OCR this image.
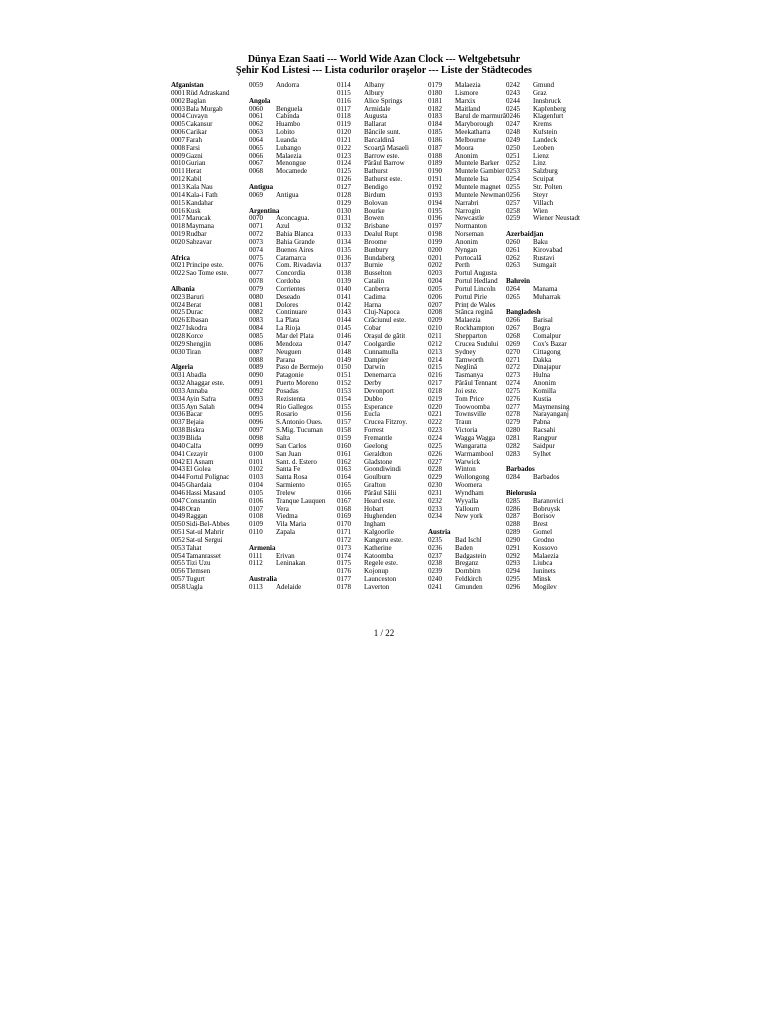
Dünya Ezan Saati --- World Wide Azan Clock --- Weltgebetsuhr
Şehir Kod Listesi --- Lista codurilor oraşelor --- Liste der Städtecodes
Afganistan
0001Rüd Adraskand
0002Baglan
0003Bala Murgab
0004Cuvayn
0005Cakansur
0006Carikar
0007Farah
0008Farsi
0009Gazni
0010Gurian
0011Herat
0012Kabil
0013Kala Nau
0014Kala-i Fath
0015Kandahar
0016Kusk
0017Marucak
0018Maymana
0019Rudbar
0020Sabzavar
Africa
0021Principe este.
0022Sao Tome este.
Albania
0023Baruri
0024Berat
0025Durac
0026Elbasan
0027Iskodra
0028Korce
0029Shengjin
0030Tiran
Algeria
0031Abadla
0032Ahaggar este.
0033Annaba
0034Ayin Safra
0035Ayn Salah
0036Bacar
0037Bejaia
0038Biskra
0039Blida
0040Calfa
0041Cezayir
0042El Asnam
0043El Golea
0044Fortul Polignac
0045Ghardaia
0046Hassi Masaud
0047Constantin
0048Oran
0049Raggan
0050Sidi-Bel-Abbes
0051Sat-ul Mahrir
0052Sat-ul Sergui
0053Tahat
0054Tamanrasset
0055Tizi Uzu
0056Tlemsen
0057Tugurt
0058Uagla
0059 Andorra
Angola
0060 Benguela
0061 Cabinda
0062 Huambo
0063 Lobito
0064 Luanda
0065 Lubango
0066 Malaezia
0067 Menongue
0068 Mocamede
Antigua
0069 Antigua
Argentina
0070 Aconcagua.
0071 Azul
0072 Bahia Blanca
0073 Bahia Grande
0074 Buenos Aires
0075 Catamarca
0076 Com. Rivadavia
0077 Concordia
0078 Cordoba
0079 Corrientes
0080 Deseado
0081 Dolores
0082 Continuare
0083 La Plata
0084 La Rioja
0085 Mar del Plata
0086 Mendoza
0087 Neuguen
0088 Parana
0089 Paso de Bermejo
0090 Patagonie
0091 Puerto Moreno
0092 Posadas
0093 Rezistenta
0094 Rio Gallegos
0095 Rosario
0096 S.Antonio Oues.
0097 S.Mig. Tucuman
0098 Salta
0099 San Carlos
0100 San Juan
0101 Sant. d. Estero
0102 Santa Fe
0103 Santa Rosa
0104 Sarmiento
0105 Trelew
0106 Tranque Lauquen
0107 Vera
0108 Viedma
0109 Vila Maria
0110 Zapala
Armenia
0111 Erivan
0112 Leninakan
Australia
0113 Adelaide
0114 Albany
0115 Albury
0116 Alice Springs
0117 Armidale
0118 Augusta
0119 Ballarat
0120 Băncile sunt.
0121 Barcaldină
0122 Scoarţă Masaeli
0123 Barrow este.
0124 Părâul Barrow
0125 Bathurst
0126 Bathurst este.
0127 Bendigo
0128 Birdum
0129 Bolovan
0130 Bourke
0131 Bowen
0132 Brisbane
0133 Dealul Rupt
0134 Broome
0135 Bunbury
0136 Bundaberg
0137 Burnie
0138 Busselton
0139 Catalin
0140 Canberra
0141 Cadima
0142 Harna
0143 Cluj-Napoca
0144 Crăciunul este.
0145 Cobar
0146 Orașul de gătit
0147 Coolgardie
0148 Cunnamulla
0149 Dampier
0150 Darwin
0151 Denemarca
0152 Derby
0153 Devonport
0154 Dubbo
0155 Esperance
0156 Eucla
0157 Crucea Fitzroy.
0158 Forrest
0159 Fremantle
0160 Geelong
0161 Geraldton
0162 Gladstone
0163 Goondiwindi
0164 Goulburn
0165 Grafton
0166 Pârâul Sălii
0167 Heard este.
0168 Hobart
0169 Hughenden
0170 Ingham
0171 Kalgoorlie
0172 Kanguru este.
0173 Katherine
0174 Katoomba
0175 Regele este.
0176 Kojonup
0177 Launceston
0178 Laverton
0179 Malaezia
0180 Lismore
0181 Marxix
0182 Maitland
0183 Barul de marmură
0184 Maryborough
0185 Meekatharra
0186 Melbourne
0187 Moora
0188 Anonim
0189 Muntele Barker
0190 Muntele Gambier
0191 Muntele Isa
0192 Muntele magnet
0193 Muntele Newman
0194 Narrabri
0195 Narrogin
0196 Newcastle
0197 Normanton
0198 Norseman
0199 Anonim
0200 Nyngan
0201 Portocală
0202 Perth
0203 Portul Augusta
0204 Portul Hedland
0205 Portul Lincoln
0206 Portul Pirie
0207 Prinț de Wales
0208 Stânca regină
0209 Malaezia
0210 Rockhampton
0211 Shepparton
0212 Crucea Sudului
0213 Sydney
0214 Tamworth
0215 Neglină
0216 Tasmanya
0217 Pârâul Tennant
0218 Joi este.
0219 Tom Price
0220 Toowoomba
0221 Townsville
0222 Traun
0223 Victoria
0224 Wagga Wagga
0225 Wangaratta
0226 Warrnambool
0227 Warwick
0228 Winton
0229 Wollongong
0230 Woomera
0231 Wyndham
0232 Wyyalla
0233 Yallourn
0234 New york
Austria
0235 Bad Ischl
0236 Baden
0237 Badgastein
0238 Breganz
0239 Dornbirn
0240 Feldkirch
0241 Gmunden
0242 Gmund
0243 Graz
0244 Innsbruck
0245 Kapfenberg
0246 Klagenfurt
0247 Krems
0248 Kufstein
0249 Landeck
0250 Leoben
0251 Lienz
0252 Linz
0253 Salzburg
0254 Scuipat
0255 Str. Polten
0256 Steyr
0257 Villach
0258 Wien
0259 Wiener Neustadt
Azerbaidjan
0260 Baku
0261 Kirovabad
0262 Rustavi
0263 Sumgait
Bahrein
0264 Manama
0265 Muharrak
Bangladesh
0266 Barisal
0267 Bogra
0268 Comalpur
0269 Cox's Bazar
0270 Cittagong
0271 Dakka
0272 Dinajapur
0273 Hulna
0274 Anonim
0275 Komilla
0276 Kustia
0277 Maymensing
0278 Narayanganj
0279 Pabna
0280 Racsahi
0281 Rangpur
0282 Saidpur
0283 Sylhet
Barbados
0284 Barbados
Bielorusia
0285 Baranovici
0286 Bobruysk
0287 Borisov
0288 Brest
0289 Gomel
0290 Grodno
0291 Kossovo
0292 Malaezia
0293 Liubca
0294 Iuninets
0295 Minsk
0296 Mogilev
1 / 22
